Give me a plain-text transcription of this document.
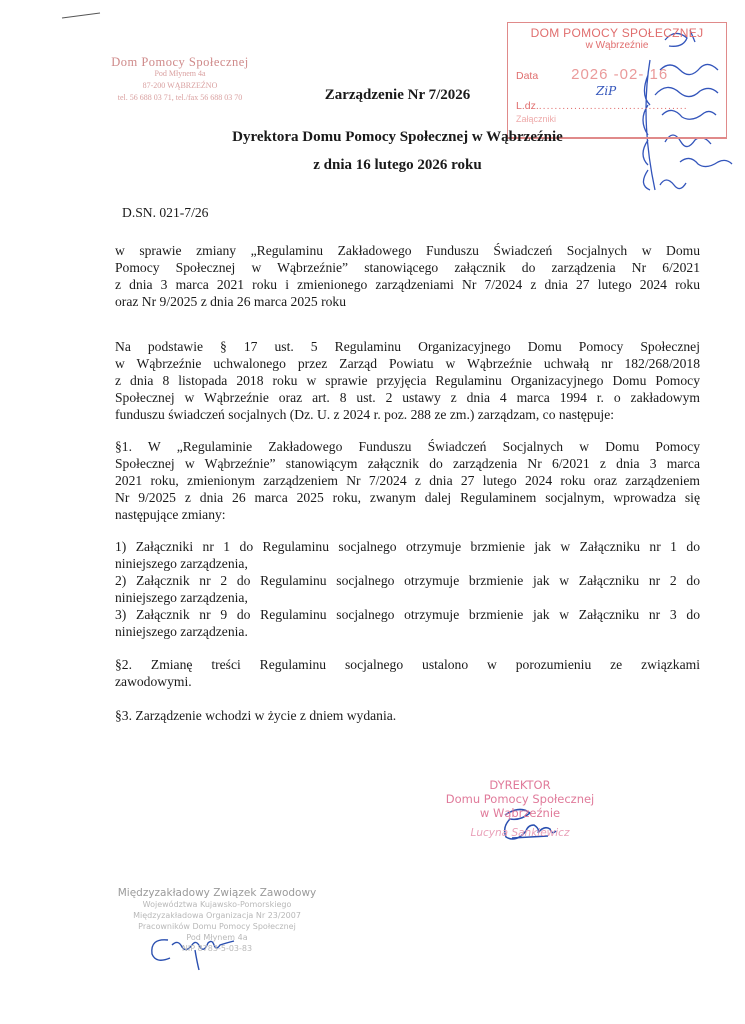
Dom Pomocy Społecznej
Pod Młynem 4a
87-200 WĄBRZEŹNO
tel. 56 688 03 71, tel./fax 56 688 03 70
DOM POMOCY SPOŁECZNEJ
w Wąbrzeźnie
Data 2026 -02- 16
ZiP
L.dz.......................................
Załączniki
Zarządzenie Nr 7/2026
Dyrektora Domu Pomocy Społecznej w Wąbrzeźnie
z dnia 16 lutego 2026 roku
D.SN. 021-7/26
w sprawie zmiany „Regulaminu Zakładowego Funduszu Świadczeń Socjalnych w Domu
Pomocy Społecznej w Wąbrzeźnie” stanowiącego załącznik do zarządzenia Nr 6/2021
z dnia 3 marca 2021 roku i zmienionego zarządzeniami Nr 7/2024 z dnia 27 lutego 2024 roku
oraz Nr 9/2025 z dnia 26 marca 2025 roku
Na podstawie § 17 ust. 5 Regulaminu Organizacyjnego Domu Pomocy Społecznej
w Wąbrzeźnie uchwalonego przez Zarząd Powiatu w Wąbrzeźnie uchwałą nr 182/268/2018
z dnia 8 listopada 2018 roku w sprawie przyjęcia Regulaminu Organizacyjnego Domu Pomocy
Społecznej w Wąbrzeźnie oraz art. 8 ust. 2 ustawy z dnia 4 marca 1994 r. o zakładowym
funduszu świadczeń socjalnych (Dz. U. z 2024 r. poz. 288 ze zm.) zarządzam, co następuje:
§1. W „Regulaminie Zakładowego Funduszu Świadczeń Socjalnych w Domu Pomocy
Społecznej w Wąbrzeźnie” stanowiącym załącznik do zarządzenia Nr 6/2021 z dnia 3 marca
2021 roku, zmienionym zarządzeniem Nr 7/2024 z dnia 27 lutego 2024 roku oraz zarządzeniem
Nr 9/2025 z dnia 26 marca 2025 roku, zwanym dalej Regulaminem socjalnym, wprowadza się
następujące zmiany:
1) Załączniki nr 1 do Regulaminu socjalnego otrzymuje brzmienie jak w Załączniku nr 1 do
niniejszego zarządzenia,
2) Załącznik nr 2 do Regulaminu socjalnego otrzymuje brzmienie jak w Załączniku nr 2 do
niniejszego zarządzenia,
3) Załącznik nr 9 do Regulaminu socjalnego otrzymuje brzmienie jak w Załączniku nr 3 do
niniejszego zarządzenia.
§2. Zmianę treści Regulaminu socjalnego ustalono w porozumieniu ze związkami
zawodowymi.
§3. Zarządzenie wchodzi w życie z dniem wydania.
DYREKTOR
Domu Pomocy Społecznej
w Wąbrzeźnie
Lucyna Sankiewicz
Międzyzakładowy Związek Zawodowy
Województwa Kujawsko-Pomorskiego
Międzyzakładowa Organizacja Nr 23/2007
Pracowników Domu Pomocy Społecznej
Pod Młynem 4a
NIP 8783-5-03-83
